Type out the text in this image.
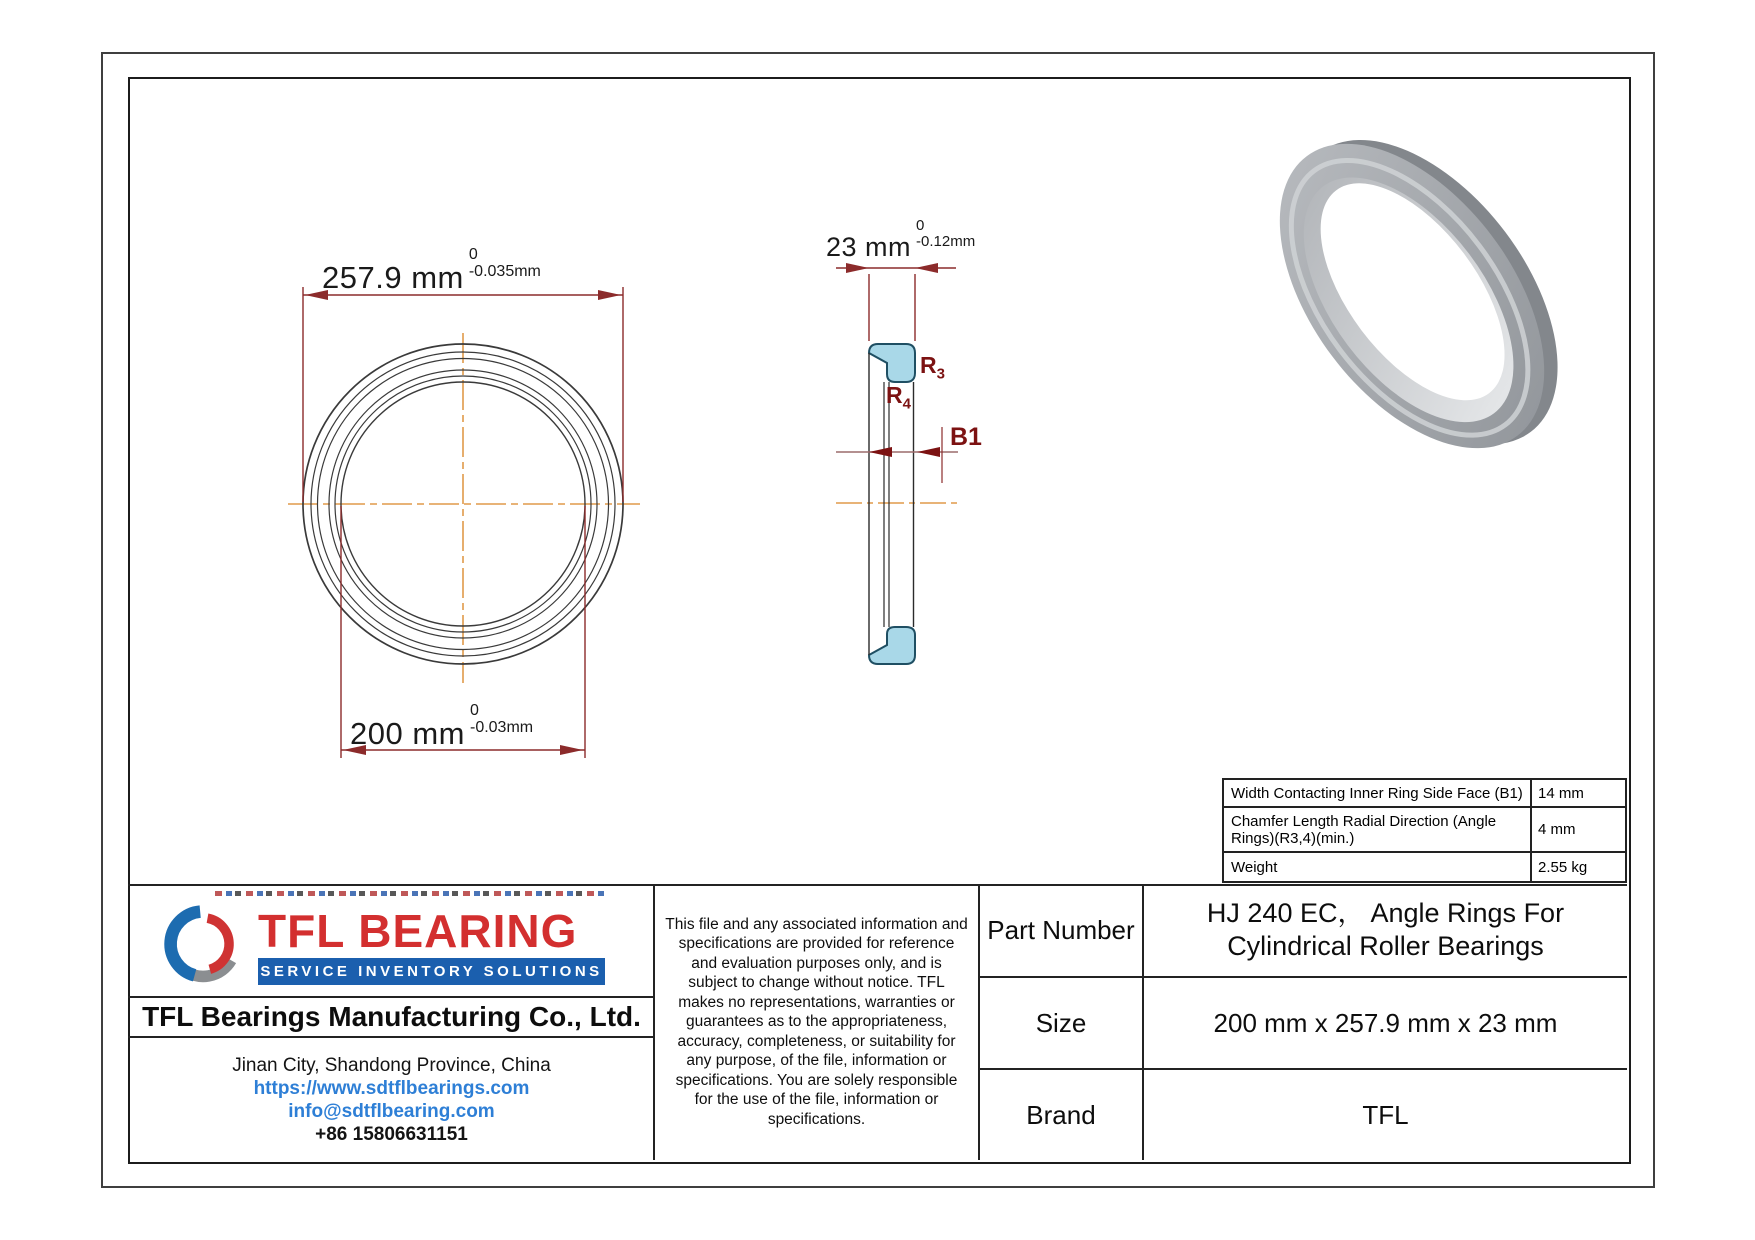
257.9 mm
0
-0.035mm
200 mm
0
-0.03mm
23 mm
0
-0.12mm
$R_3$
$R_4$
B1
Width Contacting Inner Ring Side Face (B1) 14 mm
Chamfer Length Radial Direction (Angle Rings)(R3,4)(min.)	4 mm
Weight	2.55 kg
TFL BEARING
SERVICE INVENTORY SOLUTIONS
TFL Bearings Manufacturing Co., Ltd.
Jinan City, Shandong Province, China
https://www.sdtflbearings.com
info@sdtflbearing.com
+86 15806631151
This file and any associated information and specifications are provided for reference and evaluation purposes only, and is subject to change without notice. TFL makes no representations, warranties or guarantees as to the appropriateness, accuracy, completeness, or suitability for any purpose, of the file, information or specifications. You are solely responsible for the use of the file, information or specifications.
Part Number
Size
Brand
HJ 240 EC， Angle Rings For Cylindrical Roller Bearings
200 mm x 257.9 mm x 23 mm
TFL
